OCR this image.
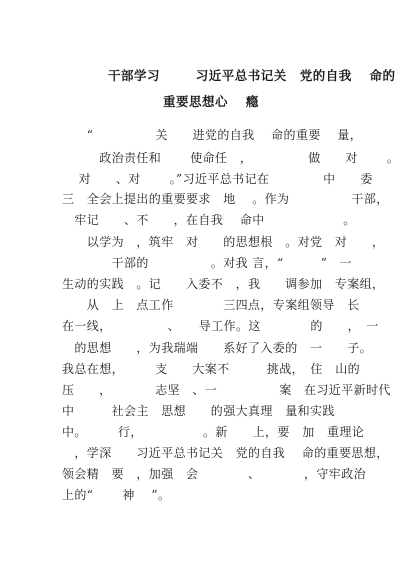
干部学习 　　 习近平总书记关　党的自我　 命的
重要思想心　 瘾
　　“　　　　　关　　进党的自我　 命的重要　 量，
　　　政治责任和　　 使命任　，　　　　　做　　对　　 。
　对　　、对　　 。”习近平总书记在　　　　 中　　委
三　全会上提出的重要要求　地　 。作为　　　　　干部，
　牢记　　、不　　，在自我　 命中　　　　　　 。
　　以学为　，筑牢　对　　的思想根　。对党　对　　，
　　　　干部的　　　　　。对我 言，“　　　”　一
生动的实践　。记　　入委不　，我　　调参加　专案组，
　　从　上　点工作　　　　三四点，专案组领导　长
在一线，　　　　　、　　导工作。这　　　　的　　，　一
　的思想　　，为我瑞端　　系好了入委的　一　　子。
我总在想，　　　支　　大案不　　　挑战，　住　山的
压　　，　　　　志坚　、一　　　　　案　在习近平新时代
中　　　社会主　思想　　的强大真理　量和实践
中。　　　行，　　　　　 。新　　上，要　加　重理论
　，学深　　习近平总书记关　党的自我　 命的重要思想，
领会精　要　，加强　会　　　　、　　　　，守牢政治
上的“　　 神　 ”。
